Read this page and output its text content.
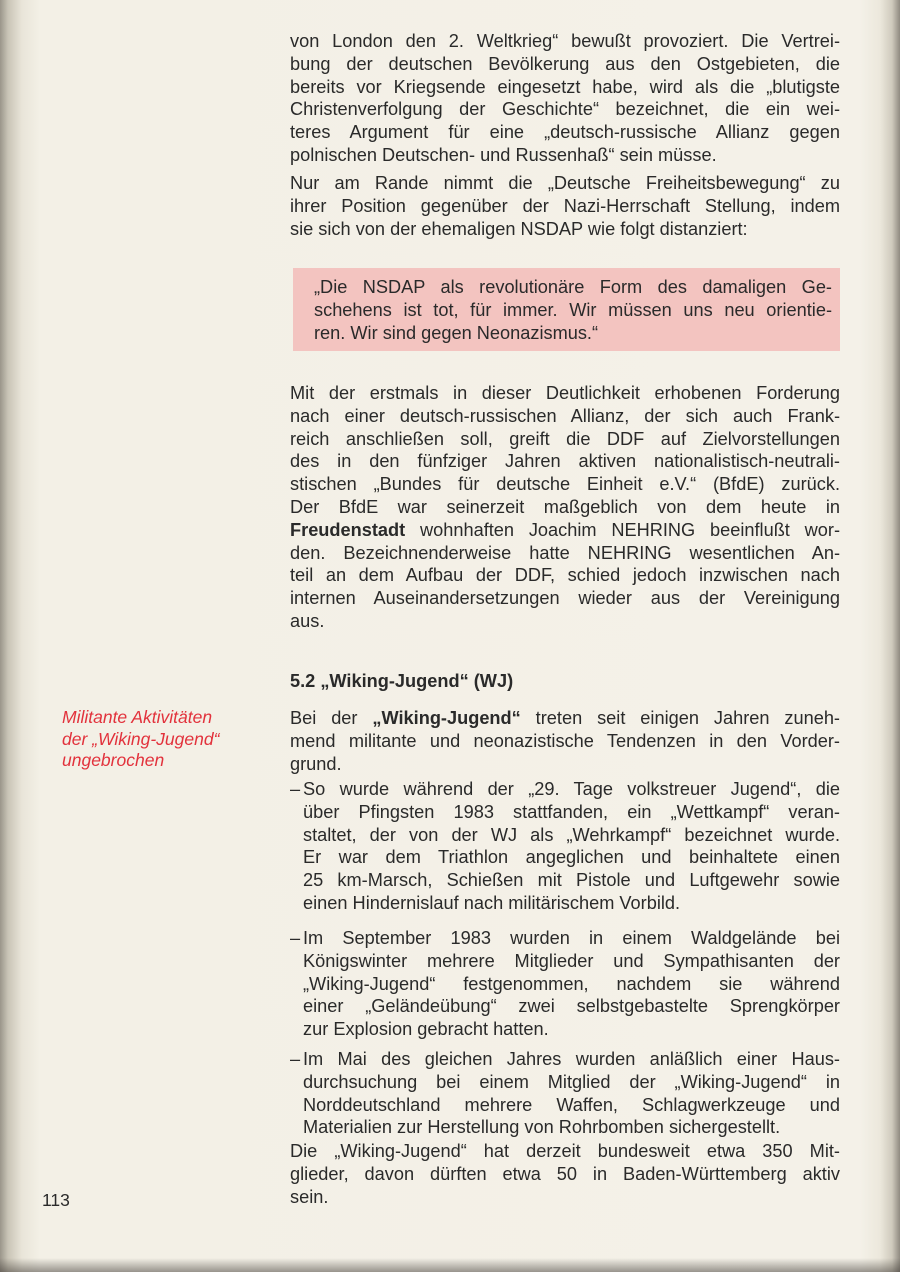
von London den 2. Weltkrieg“ bewußt provoziert. Die Vertrei-
bung der deutschen Bevölkerung aus den Ostgebieten, die
bereits vor Kriegsende eingesetzt habe, wird als die „blutigste
Christenverfolgung der Geschichte“ bezeichnet, die ein wei-
teres Argument für eine „deutsch-russische Allianz gegen
polnischen Deutschen- und Russenhaß“ sein müsse.
Nur am Rande nimmt die „Deutsche Freiheitsbewegung“ zu
ihrer Position gegenüber der Nazi-Herrschaft Stellung, indem
sie sich von der ehemaligen NSDAP wie folgt distanziert:
„Die NSDAP als revolutionäre Form des damaligen Ge-
schehens ist tot, für immer. Wir müssen uns neu orientie-
ren. Wir sind gegen Neonazismus.“
Mit der erstmals in dieser Deutlichkeit erhobenen Forderung
nach einer deutsch-russischen Allianz, der sich auch Frank-
reich anschließen soll, greift die DDF auf Zielvorstellungen
des in den fünfziger Jahren aktiven nationalistisch-neutrali-
stischen „Bundes für deutsche Einheit e.V.“ (BfdE) zurück.
Der BfdE war seinerzeit maßgeblich von dem heute in
Freudenstadt wohnhaften Joachim NEHRING beeinflußt wor-
den. Bezeichnenderweise hatte NEHRING wesentlichen An-
teil an dem Aufbau der DDF, schied jedoch inzwischen nach
internen Auseinandersetzungen wieder aus der Vereinigung
aus.
5.2 „Wiking-Jugend“ (WJ)
Militante Aktivitäten
der „Wiking-Jugend“
ungebrochen
Bei der „Wiking-Jugend“ treten seit einigen Jahren zuneh-
mend militante und neonazistische Tendenzen in den Vorder-
grund.
– So wurde während der „29. Tage volkstreuer Jugend“, die
über Pfingsten 1983 stattfanden, ein „Wettkampf“ veran-
staltet, der von der WJ als „Wehrkampf“ bezeichnet wurde.
Er war dem Triathlon angeglichen und beinhaltete einen
25 km-Marsch, Schießen mit Pistole und Luftgewehr sowie
einen Hindernislauf nach militärischem Vorbild.
– Im September 1983 wurden in einem Waldgelände bei
Königswinter mehrere Mitglieder und Sympathisanten der
„Wiking-Jugend“ festgenommen, nachdem sie während
einer „Geländeübung“ zwei selbstgebastelte Sprengkörper
zur Explosion gebracht hatten.
– Im Mai des gleichen Jahres wurden anläßlich einer Haus-
durchsuchung bei einem Mitglied der „Wiking-Jugend“ in
Norddeutschland mehrere Waffen, Schlagwerkzeuge und
Materialien zur Herstellung von Rohrbomben sichergestellt.
Die „Wiking-Jugend“ hat derzeit bundesweit etwa 350 Mit-
glieder, davon dürften etwa 50 in Baden-Württemberg aktiv
sein.
113
